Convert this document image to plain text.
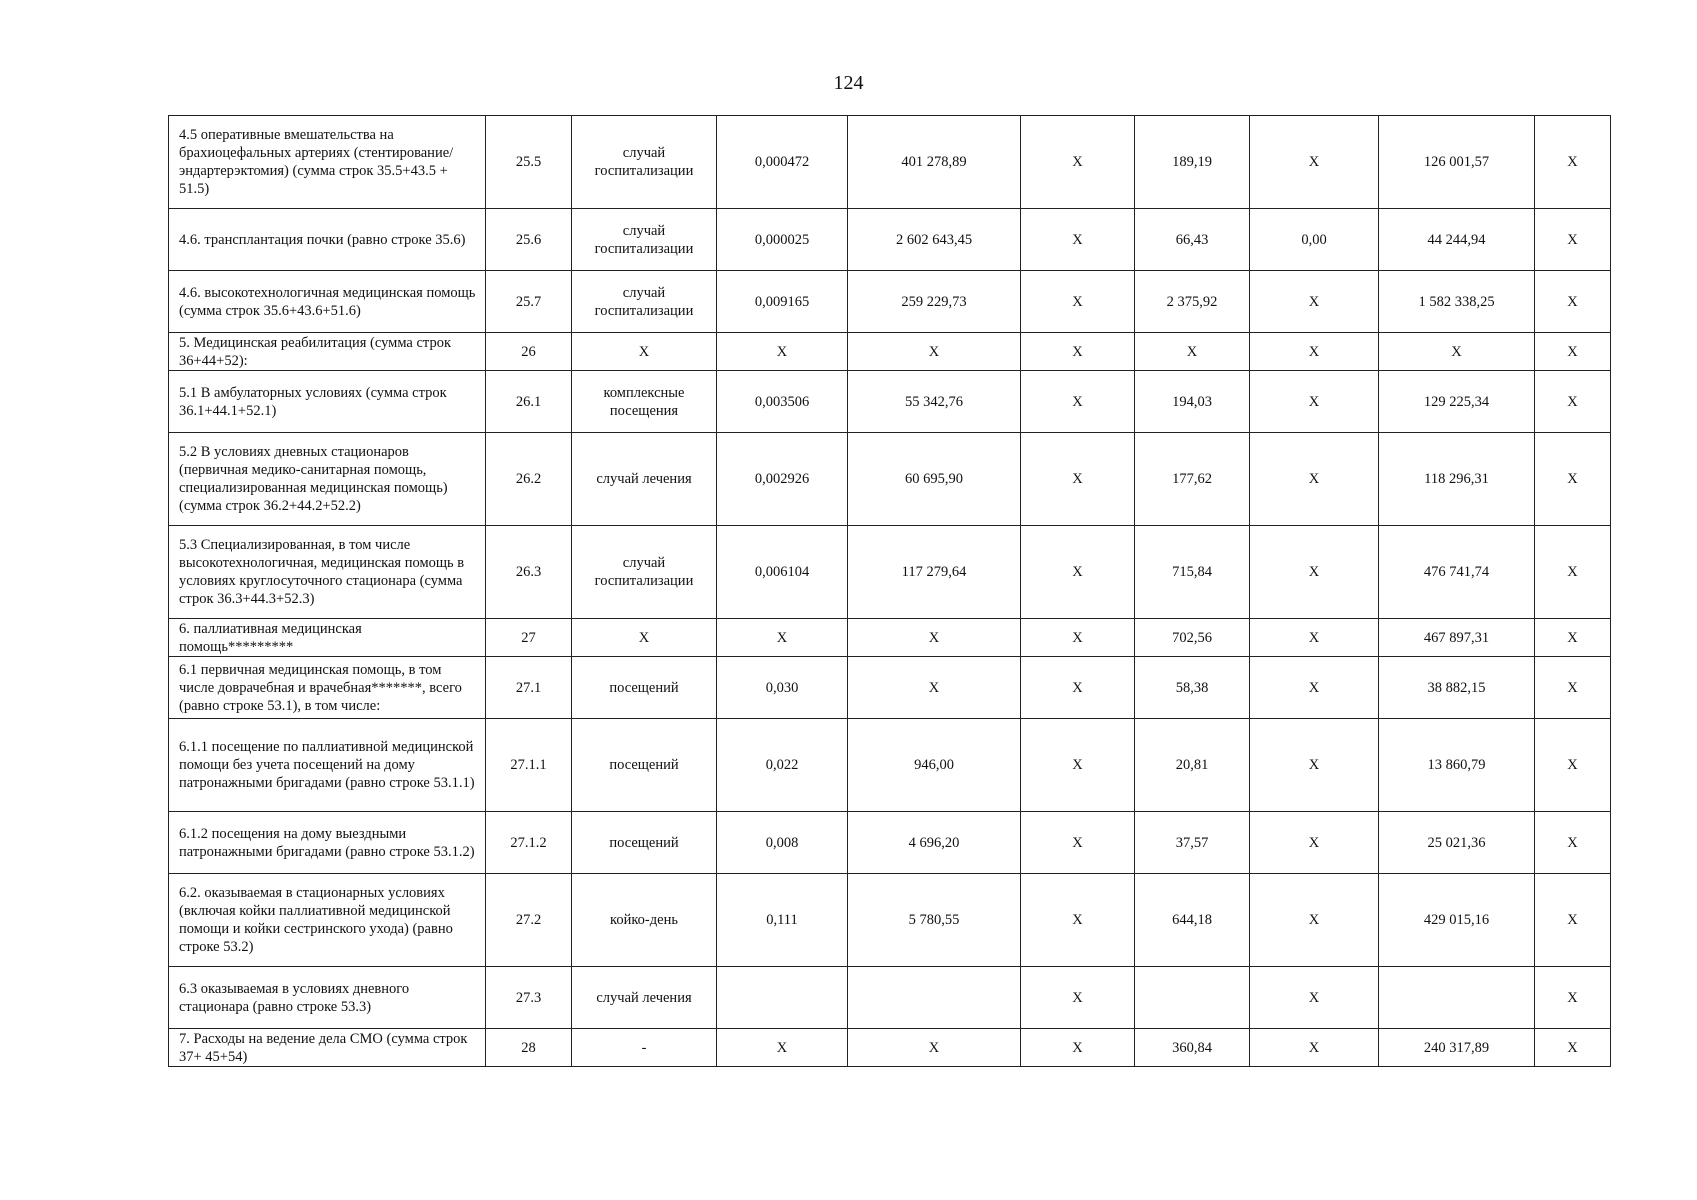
124
4.5 оперативные вмешательства на брахиоцефальных артериях (стентирование/эндартерэктомия) (сумма строк 35.5+43.5 + 51.5)	25.5	случай госпитализации	0,000472	401 278,89	X	189,19	X	126 001,57	X
4.6. трансплантация почки (равно строке 35.6)	25.6	случай госпитализации	0,000025	2 602 643,45	X	66,43	0,00	44 244,94	X
4.6. высокотехнологичная медицинская помощь (сумма строк 35.6+43.6+51.6)	25.7	случай госпитализации	0,009165	259 229,73	X	2 375,92	X	1 582 338,25	X
5. Медицинская реабилитация (сумма строк 36+44+52):	26	X	X	X	X	X	X	X	X
5.1 В амбулаторных условиях (сумма строк 36.1+44.1+52.1)	26.1	комплексные посещения	0,003506	55 342,76	X	194,03	X	129 225,34	X
5.2 В условиях дневных стационаров (первичная медико-санитарная помощь, специализированная медицинская помощь) (сумма строк 36.2+44.2+52.2)	26.2	случай лечения	0,002926	60 695,90	X	177,62	X	118 296,31	X
5.3 Специализированная, в том числе высокотехнологичная, медицинская помощь в условиях круглосуточного стационара (сумма строк 36.3+44.3+52.3)	26.3	случай госпитализации	0,006104	117 279,64	X	715,84	X	476 741,74	X
6. паллиативная медицинская помощь*********	27	X	X	X	X	702,56	X	467 897,31	X
6.1 первичная медицинская помощь, в том числе доврачебная и врачебная*******, всего (равно строке 53.1), в том числе:	27.1	посещений	0,030	X	X	58,38	X	38 882,15	X
6.1.1 посещение по паллиативной медицинской помощи без учета посещений на дому патронажными бригадами (равно строке 53.1.1)	27.1.1	посещений	0,022	946,00	X	20,81	X	13 860,79	X
6.1.2 посещения на дому выездными патронажными бригадами (равно строке 53.1.2)	27.1.2	посещений	0,008	4 696,20	X	37,57	X	25 021,36	X
6.2. оказываемая в стационарных условиях (включая койки паллиативной медицинской помощи и койки сестринского ухода) (равно строке 53.2)	27.2	койко-день	0,111	5 780,55	X	644,18	X	429 015,16	X
6.3 оказываемая в условиях дневного стационара (равно строке 53.3)	27.3	случай лечения			X		X		X
7. Расходы на ведение дела СМО (сумма строк 37+ 45+54)	28	-	X	X	X	360,84	X	240 317,89	X
